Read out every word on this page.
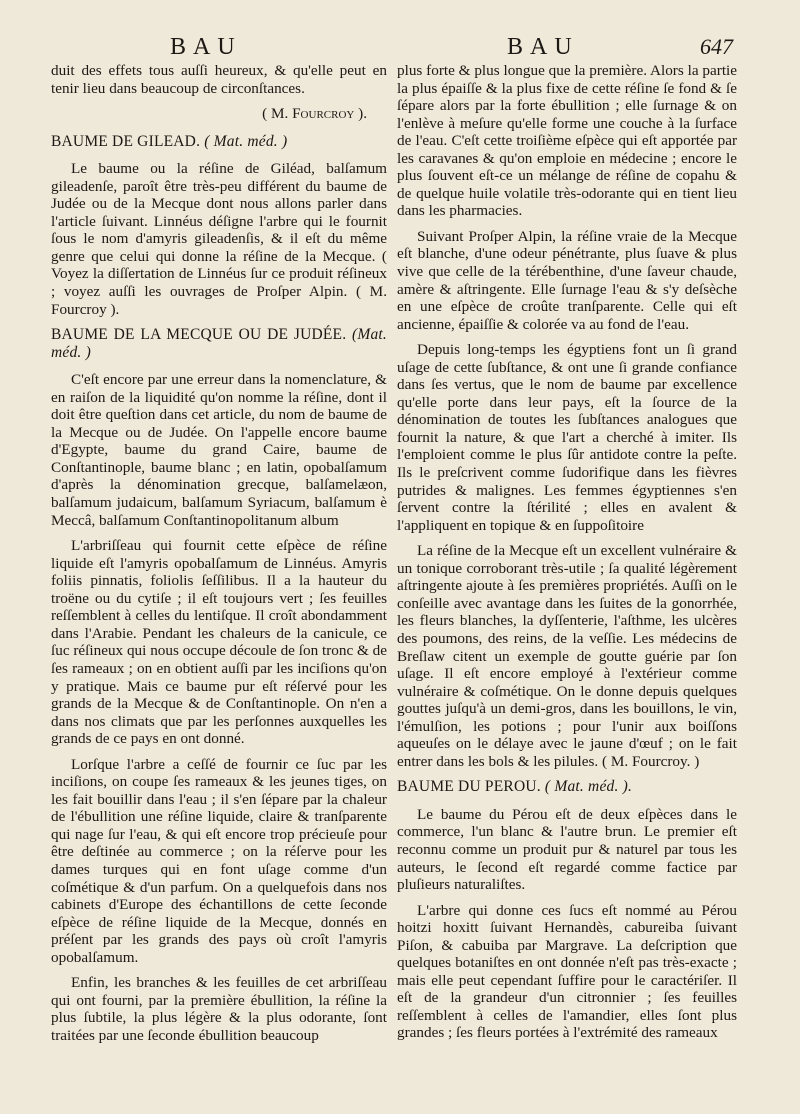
BAU	BAU	647

duit des effets tous auſſi heureux, & qu'elle peut en tenir lieu dans beaucoup de circonſtances.

( M. Fourcroy ).
BAUME DE GILEAD. ( Mat. méd. )

Le baume ou la réſine de Giléad, balſamum gileadenſe, paroît être très-peu différent du baume de Judée ou de la Mecque dont nous allons parler dans l'article ſuivant. Linnéus déſigne l'arbre qui le fournit ſous le nom d'amyris gileadenſis, & il eſt du même genre que celui qui donne la réſine de la Mecque. ( Voyez la diſſertation de Linnéus ſur ce produit réſineux ; voyez auſſi les ouvrages de Proſper Alpin. ( M. Fourcroy ).

BAUME DE LA MECQUE OU DE JUDÉE. (Mat. méd. )

C'eſt encore par une erreur dans la nomenclature, & en raiſon de la liquidité qu'on nomme la réſine, dont il doit être queſtion dans cet article, du nom de baume de la Mecque ou de Judée. On l'appelle encore baume d'Egypte, baume du grand Caire, baume de Conſtantinople, baume blanc ; en latin, opobalſamum d'après la dénomination grecque, balſamelæon, balſamum judaicum, balſamum Syriacum, balſamum è Meccâ, balſamum Conſtantinopolitanum album

L'arbriſſeau qui fournit cette eſpèce de réſine liquide eſt l'amyris opobalſamum de Linnéus. Amyris foliis pinnatis, foliolis ſeſſilibus. Il a la hauteur du troëne ou du cytiſe ; il eſt toujours vert ; ſes feuilles reſſemblent à celles du lentiſque. Il croît abondamment dans l'Arabie. Pendant les chaleurs de la canicule, ce ſuc réſineux qui nous occupe découle de ſon tronc & de ſes rameaux ; on en obtient auſſi par les inciſions qu'on y pratique. Mais ce baume pur eſt réſervé pour les grands de la Mecque & de Conſtantinople. On n'en a dans nos climats que par les perſonnes auxquelles les grands de ce pays en ont donné.

Lorſque l'arbre a ceſſé de fournir ce ſuc par les inciſions, on coupe ſes rameaux & les jeunes tiges, on les fait bouillir dans l'eau ; il s'en ſépare par la chaleur de l'ébullition une réſine liquide, claire & tranſparente qui nage ſur l'eau, & qui eſt encore trop précieuſe pour être deſtinée au commerce ; on la réſerve pour les dames turques qui en font uſage comme d'un coſmétique & d'un parfum. On a quelquefois dans nos cabinets d'Europe des échantillons de cette ſeconde eſpèce de réſine liquide de la Mecque, donnés en préſent par les grands des pays où croît l'amyris opobalſamum.

Enfin, les branches & les feuilles de cet arbriſſeau qui ont fourni, par la première ébullition, la réſine la plus ſubtile, la plus légère & la plus odorante, ſont traitées par une ſeconde ébullition beaucoup

plus forte & plus longue que la première. Alors la partie la plus épaiſſe & la plus fixe de cette réſine ſe fond & ſe ſépare alors par la forte ébullition ; elle ſurnage & on l'enlève à meſure qu'elle forme une couche à la ſurface de l'eau. C'eſt cette troiſième eſpèce qui eſt apportée par les caravanes & qu'on emploie en médecine ; encore le plus ſouvent eſt-ce un mélange de réſine de copahu & de quelque huile volatile très-odorante qui en tient lieu dans les pharmacies.

Suivant Proſper Alpin, la réſine vraie de la Mecque eſt blanche, d'une odeur pénétrante, plus ſuave & plus vive que celle de la térébenthine, d'une ſaveur chaude, amère & aſtringente. Elle ſurnage l'eau & s'y deſsèche en une eſpèce de croûte tranſparente. Celle qui eſt ancienne, épaiſſie & colorée va au fond de l'eau.

Depuis long-temps les égyptiens font un ſi grand uſage de cette ſubſtance, & ont une ſi grande confiance dans ſes vertus, que le nom de baume par excellence qu'elle porte dans leur pays, eſt la ſource de la dénomination de toutes les ſubſtances analogues que fournit la nature, & que l'art a cherché à imiter. Ils l'emploient comme le plus ſûr antidote contre la peſte. Ils le preſcrivent comme ſudorifique dans les fièvres putrides & malignes. Les femmes égyptiennes s'en ſervent contre la ſtérilité ; elles en avalent & l'appliquent en topique & en ſuppoſitoire

La réſine de la Mecque eſt un excellent vulnéraire & un tonique corroborant très-utile ; ſa qualité légèrement aſtringente ajoute à ſes premières propriétés. Auſſi on le conſeille avec avantage dans les ſuites de la gonorrhée, les fleurs blanches, la dyſſenterie, l'aſthme, les ulcères des poumons, des reins, de la veſſie. Les médecins de Breſlaw citent un exemple de goutte guérie par ſon uſage. Il eſt encore employé à l'extérieur comme vulnéraire & coſmétique. On le donne depuis quelques gouttes juſqu'à un demi-gros, dans les bouillons, le vin, l'émulſion, les potions ; pour l'unir aux boiſſons aqueuſes on le délaye avec le jaune d'œuf ; on le fait entrer dans les bols & les pilules. ( M. Fourcroy. )

BAUME DU PEROU. ( Mat. méd. ).

Le baume du Pérou eſt de deux eſpèces dans le commerce, l'un blanc & l'autre brun. Le premier eſt reconnu comme un produit pur & naturel par tous les auteurs, le ſecond eſt regardé comme factice par pluſieurs naturaliſtes.

L'arbre qui donne ces ſucs eſt nommé au Pérou hoitzi hoxitt ſuivant Hernandès, cabureiba ſuivant Piſon, & cabuiba par Margrave. La deſcription que quelques botaniſtes en ont donnée n'eſt pas très-exacte ; mais elle peut cependant ſuffire pour le caractériſer. Il eſt de la grandeur d'un citronnier ; ſes feuilles reſſemblent à celles de l'amandier, elles ſont plus grandes ; ſes fleurs portées à l'extrémité des rameaux
